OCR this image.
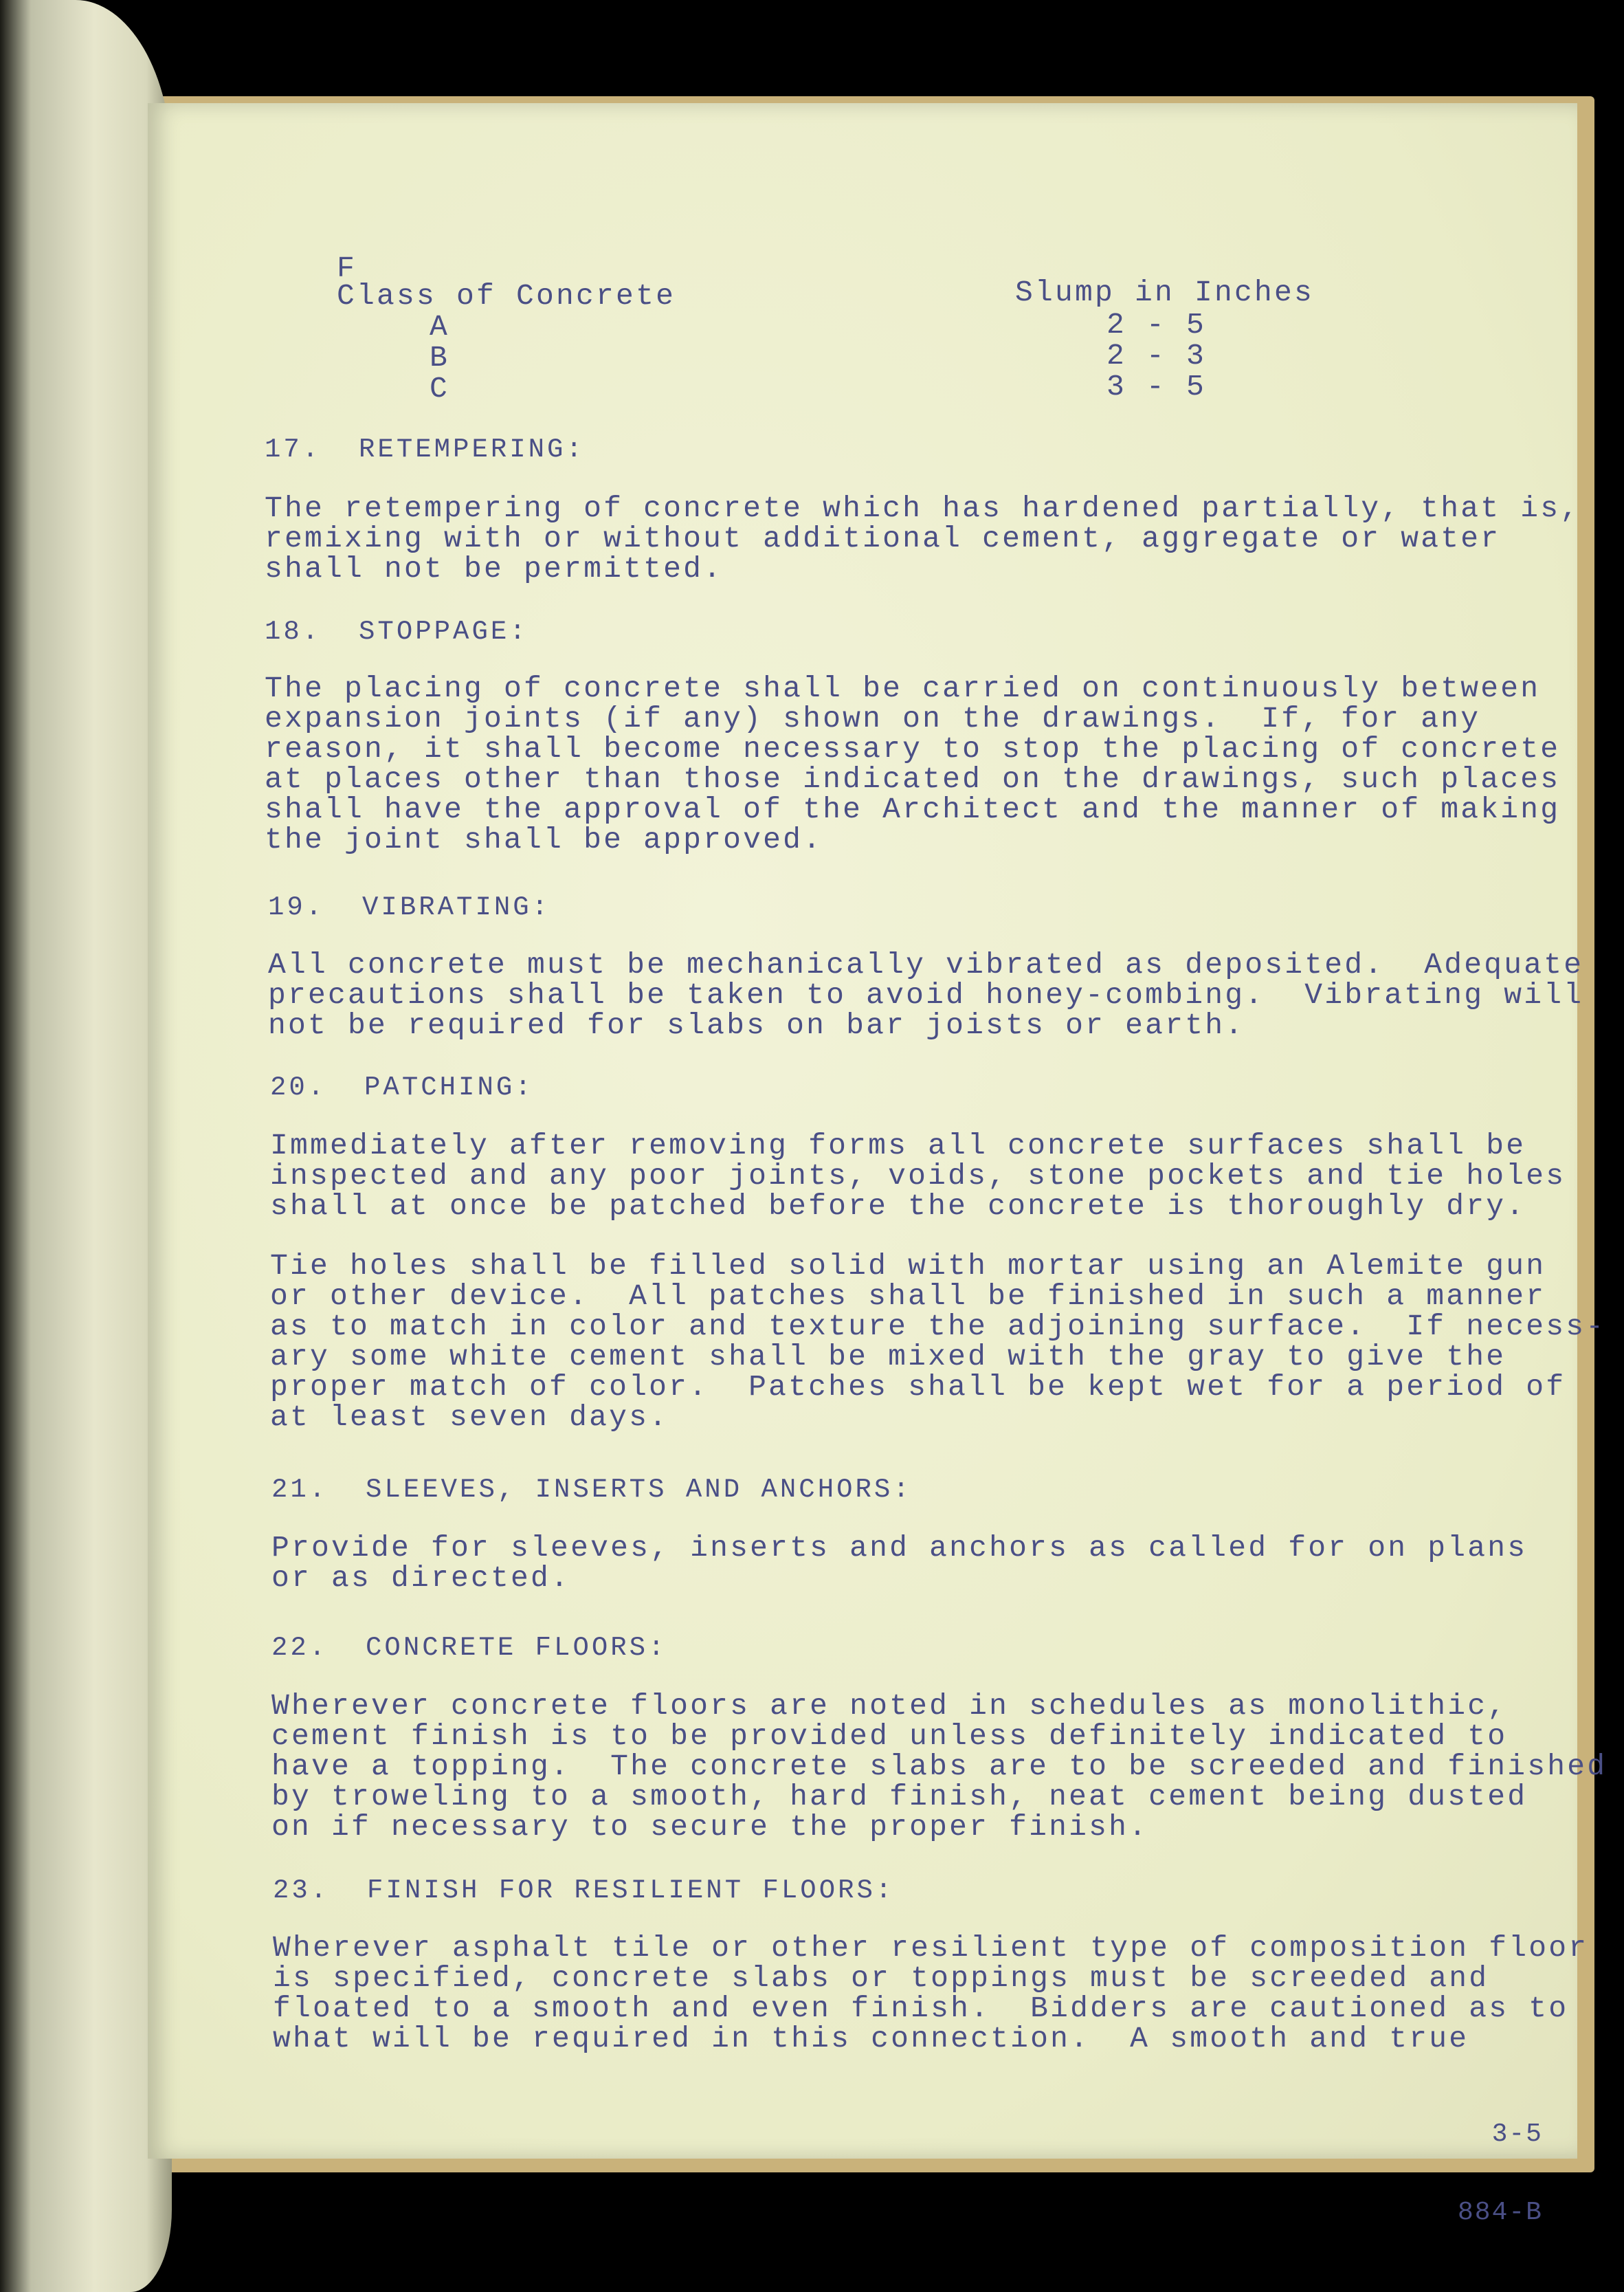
F

Class of Concrete	Slump in Inches

A	2 - 5

B	2 - 3

C	3 - 5

17.  RETEMPERING:

The retempering of concrete which has hardened partially, that is,
remixing with or without additional cement, aggregate or water
shall not be permitted.

18.  STOPPAGE:

The placing of concrete shall be carried on continuously between
expansion joints (if any) shown on the drawings.  If, for any
reason, it shall become necessary to stop the placing of concrete
at places other than those indicated on the drawings, such places
shall have the approval of the Architect and the manner of making
the joint shall be approved.

19.  VIBRATING:

All concrete must be mechanically vibrated as deposited.  Adequate
precautions shall be taken to avoid honey-combing.  Vibrating will
not be required for slabs on bar joists or earth.

20.  PATCHING:

Immediately after removing forms all concrete surfaces shall be
inspected and any poor joints, voids, stone pockets and tie holes
shall at once be patched before the concrete is thoroughly dry.
Tie holes shall be filled solid with mortar using an Alemite gun
or other device.  All patches shall be finished in such a manner
as to match in color and texture the adjoining surface.  If necess-
ary some white cement shall be mixed with the gray to give the
proper match of color.  Patches shall be kept wet for a period of
at least seven days.

21.  SLEEVES, INSERTS AND ANCHORS:

Provide for sleeves, inserts and anchors as called for on plans
or as directed.

22.  CONCRETE FLOORS:

Wherever concrete floors are noted in schedules as monolithic,
cement finish is to be provided unless definitely indicated to
have a topping.  The concrete slabs are to be screeded and finished
by troweling to a smooth, hard finish, neat cement being dusted
on if necessary to secure the proper finish.

23.  FINISH FOR RESILIENT FLOORS:

Wherever asphalt tile or other resilient type of composition floor
is specified, concrete slabs or toppings must be screeded and
floated to a smooth and even finish.  Bidders are cautioned as to
what will be required in this connection.  A smooth and true

3-5

884-B
